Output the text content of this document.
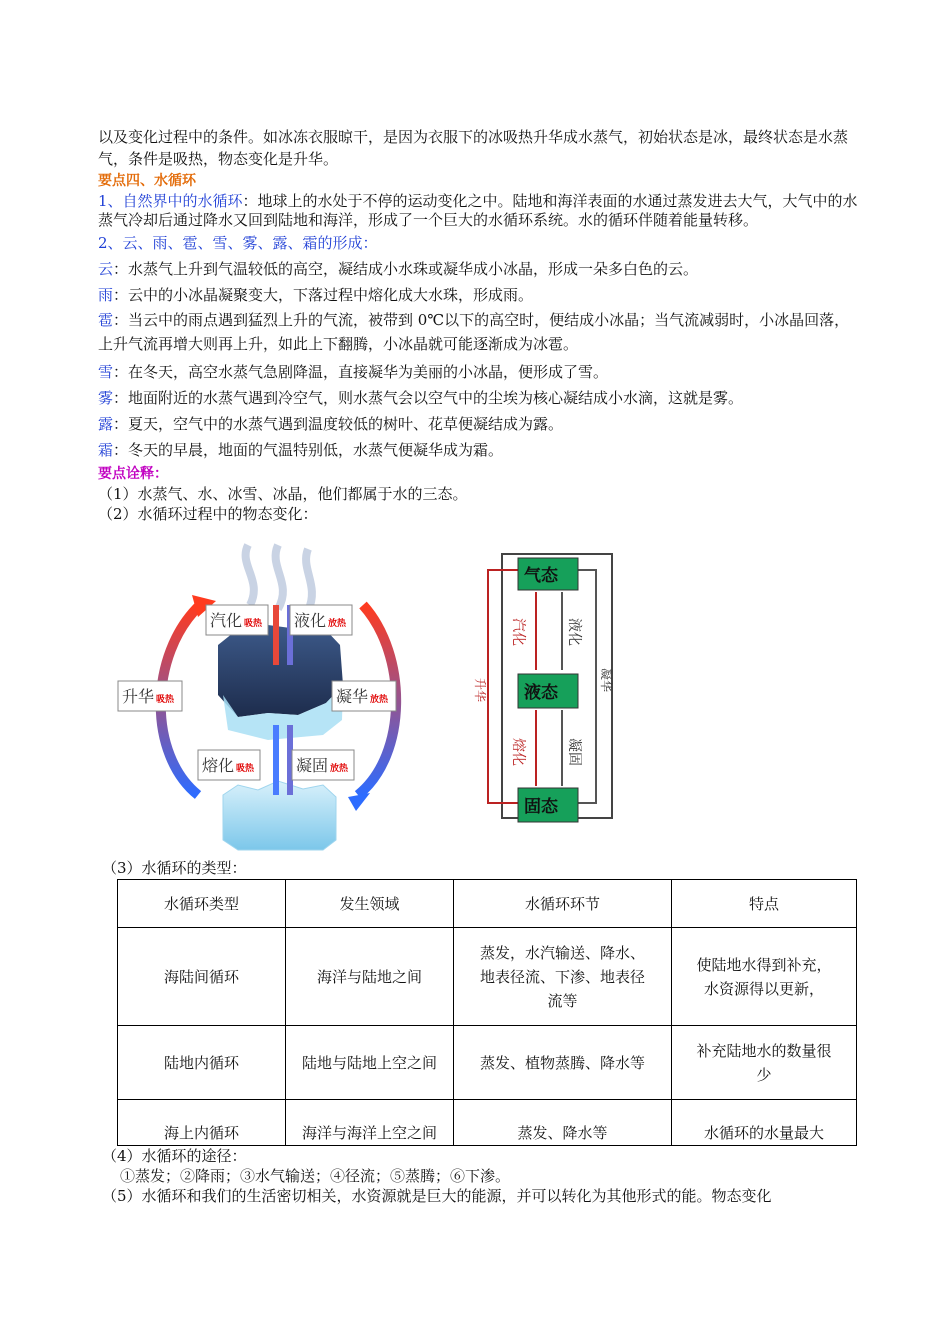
以及变化过程中的条件。如冰冻衣服晾干，是因为衣服下的冰吸热升华成水蒸气，初始状态是冰，最终状态是水蒸气，条件是吸热，物态变化是升华。

要点四、水循环

1、自然界中的水循环：地球上的水处于不停的运动变化之中。陆地和海洋表面的水通过蒸发进去大气，大气中的水蒸气冷却后通过降水又回到陆地和海洋，形成了一个巨大的水循环系统。水的循环伴随着能量转移。

2、云、雨、雹、雪、雾、露、霜的形成：

云：水蒸气上升到气温较低的高空，凝结成小水珠或凝华成小冰晶，形成一朵多白色的云。

雨：云中的小冰晶凝聚变大，下落过程中熔化成大水珠，形成雨。

雹：当云中的雨点遇到猛烈上升的气流，被带到 0℃以下的高空时，便结成小冰晶；当气流减弱时，小冰晶回落，上升气流再增大则再上升，如此上下翻腾，小冰晶就可能逐渐成为冰雹。

雪：在冬天，高空水蒸气急剧降温，直接凝华为美丽的小冰晶，便形成了雪。

雾：地面附近的水蒸气遇到冷空气，则水蒸气会以空气中的尘埃为核心凝结成小水滴，这就是雾。

露：夏天，空气中的水蒸气遇到温度较低的树叶、花草便凝结成为露。

霜：冬天的早晨，地面的气温特别低，水蒸气便凝华成为霜。

要点诠释：

（1）水蒸气、水、冰雪、冰晶，他们都属于水的三态。

（2）水循环过程中的物态变化：

汽化 吸热 液化 放热
升华 吸热	凝华 放热
熔化 吸热	凝固 放热
气态
液态
固态
汽化	液化
熔化	凝固
升华	凝华

（3）水循环的类型：

水循环类型	发生领域	水循环环节	特点
海陆间循环	海洋与陆地之间	蒸发，水汽输送、降水、
地表径流、下渗、地表径
流等	使陆地水得到补充，
水资源得以更新，
陆地内循环	陆地与陆地上空之间	蒸发、植物蒸腾、降水等	补充陆地水的数量很
少
海上内循环	海洋与海洋上空之间	蒸发、降水等	水循环的水量最大

（4）水循环的途径：

①蒸发；②降雨；③水气输送；④径流；⑤蒸腾；⑥下渗。

（5）水循环和我们的生活密切相关，水资源就是巨大的能源，并可以转化为其他形式的能。物态变化
